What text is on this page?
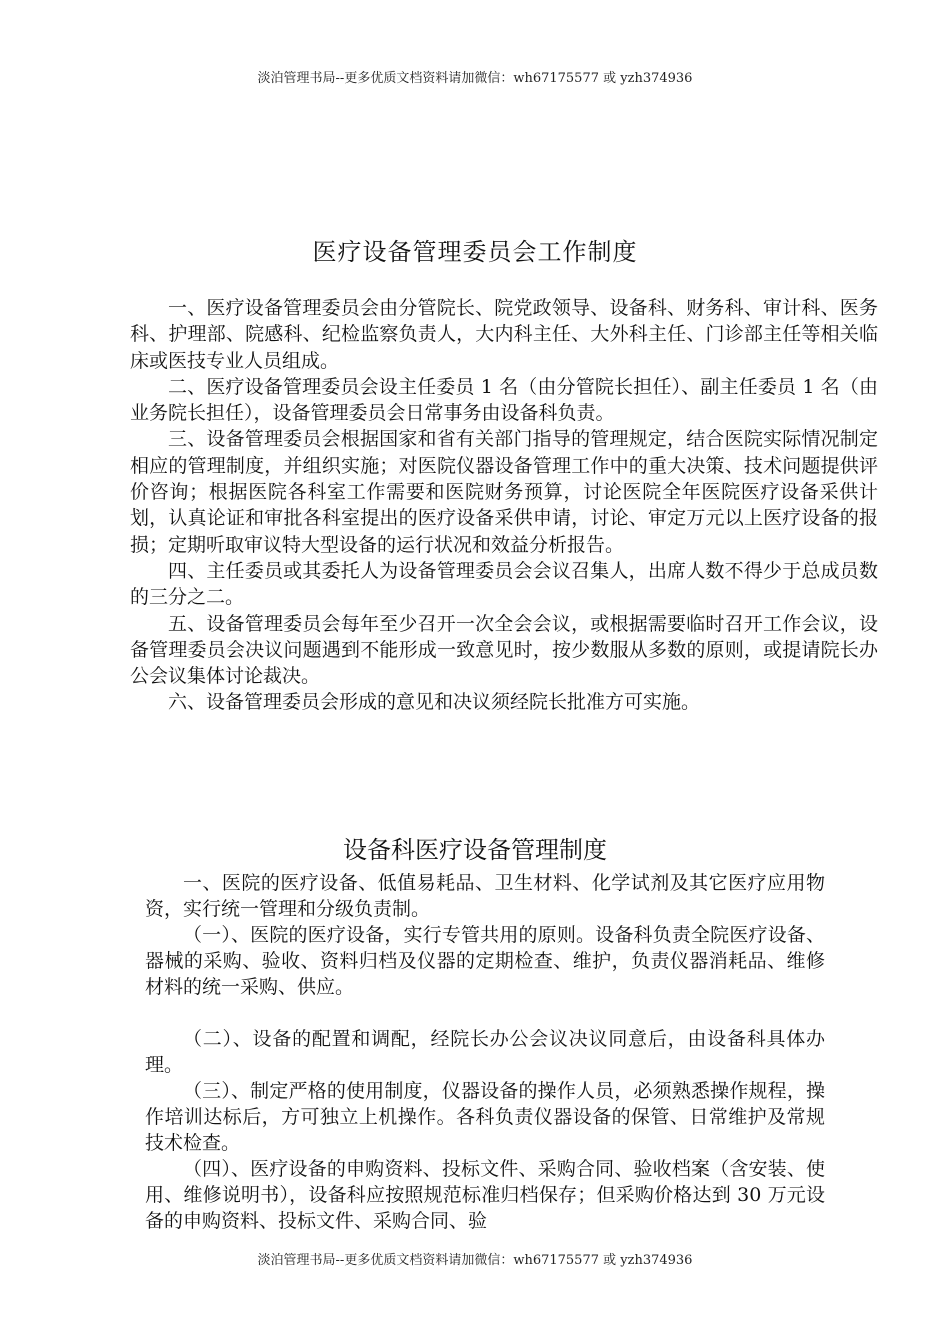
淡泊管理书局--更多优质文档资料请加微信：wh67175577 或 yzh374936
医疗设备管理委员会工作制度

一、医疗设备管理委员会由分管院长、院党政领导、设备科、财务科、审计科、医务科、护理部、院感科、纪检监察负责人，大内科主任、大外科主任、门诊部主任等相关临床或医技专业人员组成。

二、医疗设备管理委员会设主任委员 1 名（由分管院长担任）、副主任委员 1 名（由业务院长担任），设备管理委员会日常事务由设备科负责。

三、设备管理委员会根据国家和省有关部门指导的管理规定，结合医院实际情况制定相应的管理制度，并组织实施；对医院仪器设备管理工作中的重大决策、技术问题提供评价咨询；根据医院各科室工作需要和医院财务预算，讨论医院全年医院医疗设备采供计划，认真论证和审批各科室提出的医疗设备采供申请，讨论、审定万元以上医疗设备的报损；定期听取审议特大型设备的运行状况和效益分析报告。

四、主任委员或其委托人为设备管理委员会会议召集人，出席人数不得少于总成员数的三分之二。

五、设备管理委员会每年至少召开一次全会会议，或根据需要临时召开工作会议，设备管理委员会决议问题遇到不能形成一致意见时，按少数服从多数的原则，或提请院长办公会议集体讨论裁决。

六、设备管理委员会形成的意见和决议须经院长批准方可实施。

设备科医疗设备管理制度

一、医院的医疗设备、低值易耗品、卫生材料、化学试剂及其它医疗应用物资，实行统一管理和分级负责制。

（一）、医院的医疗设备，实行专管共用的原则。设备科负责全院医疗设备、器械的采购、验收、资料归档及仪器的定期检查、维护，负责仪器消耗品、维修材料的统一采购、供应。

（二）、设备的配置和调配，经院长办公会议决议同意后，由设备科具体办理。

（三）、制定严格的使用制度，仪器设备的操作人员，必须熟悉操作规程，操作培训达标后，方可独立上机操作。各科负责仪器设备的保管、日常维护及常规技术检查。

（四）、医疗设备的申购资料、投标文件、采购合同、验收档案（含安装、使用、维修说明书），设备科应按照规范标准归档保存；但采购价格达到 30 万元设备的申购资料、投标文件、采购合同、验

淡泊管理书局--更多优质文档资料请加微信：wh67175577 或 yzh374936
